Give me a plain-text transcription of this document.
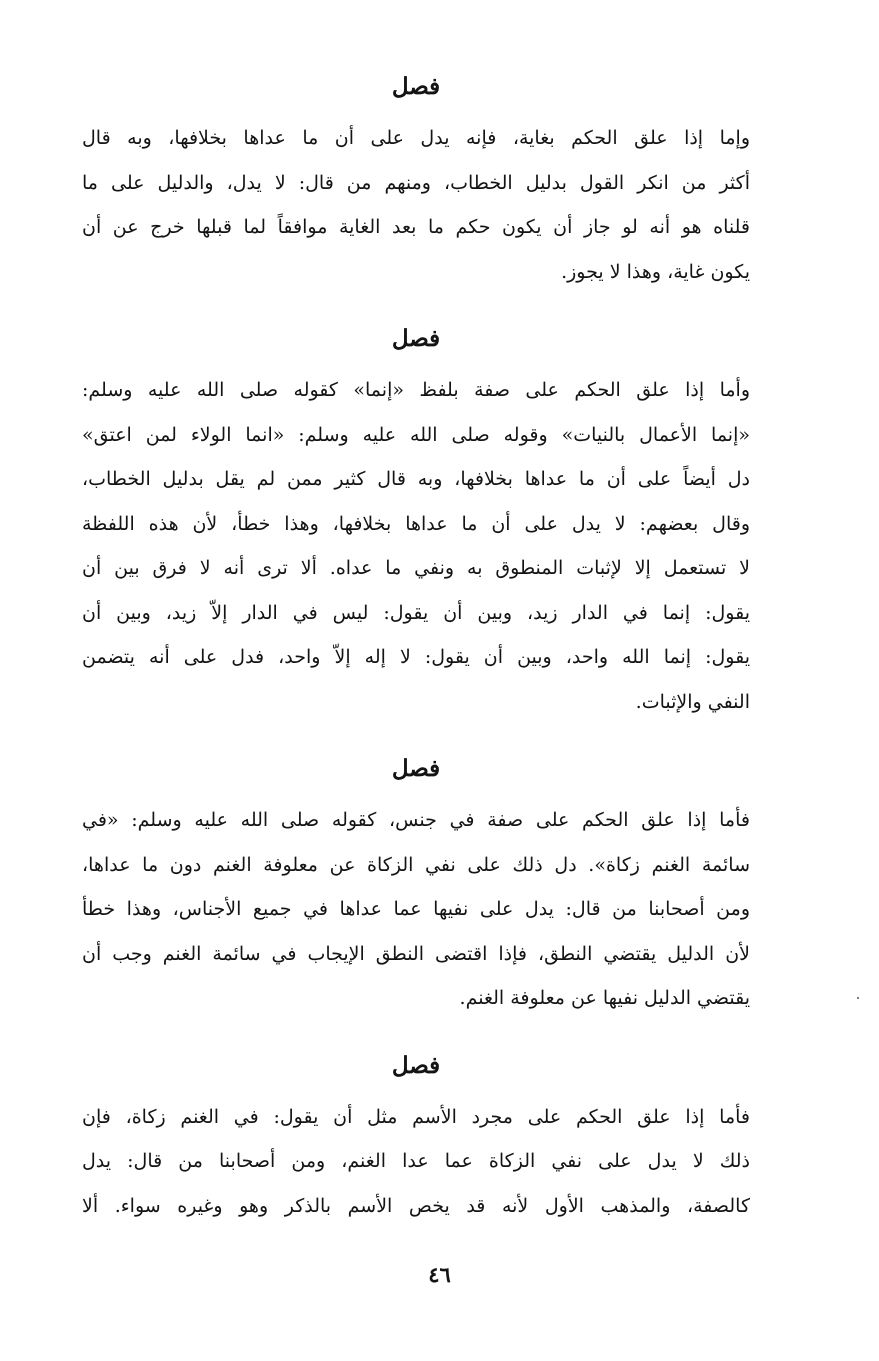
فصل
وإما إذا علق الحكم بغاية، فإنه يدل على أن ما عداها بخلافها، وبه قال
أكثر من انكر القول بدليل الخطاب، ومنهم من قال: لا يدل، والدليل على ما
قلناه هو أنه لو جاز أن يكون حكم ما بعد الغاية موافقاً لما قبلها خرج عن أن
يكون غاية، وهذا لا يجوز.
فصل
وأما إذا علق الحكم على صفة بلفظ «إنما» كقوله صلى الله عليه وسلم:
«إنما الأعمال بالنيات» وقوله صلى الله عليه وسلم: «انما الولاء لمن اعتق»
دل أيضاً على أن ما عداها بخلافها، وبه قال كثير ممن لم يقل بدليل الخطاب،
وقال بعضهم: لا يدل على أن ما عداها بخلافها، وهذا خطأ، لأن هذه اللفظة
لا تستعمل إلا لإثبات المنطوق به ونفي ما عداه. ألا ترى أنه لا فرق بين أن
يقول: إنما في الدار زيد، وبين أن يقول: ليس في الدار إلاّ زيد، وبين أن
يقول: إنما الله واحد، وبين أن يقول: لا إله إلاّ واحد، فدل على أنه يتضمن
النفي والإثبات.
فصل
فأما إذا علق الحكم على صفة في جنس، كقوله صلى الله عليه وسلم: «في
سائمة الغنم زكاة». دل ذلك على نفي الزكاة عن معلوفة الغنم دون ما عداها،
ومن أصحابنا من قال: يدل على نفيها عما عداها في جميع الأجناس، وهذا خطأ
لأن الدليل يقتضي النطق، فإذا اقتضى النطق الإيجاب في سائمة الغنم وجب أن
يقتضي الدليل نفيها عن معلوفة الغنم.
فصل
فأما إذا علق الحكم على مجرد الأسم مثل أن يقول: في الغنم زكاة، فإن
ذلك لا يدل على نفي الزكاة عما عدا الغنم، ومن أصحابنا من قال: يدل
كالصفة، والمذهب الأول لأنه قد يخص الأسم بالذكر وهو وغيره سواء. ألا
٤٦
